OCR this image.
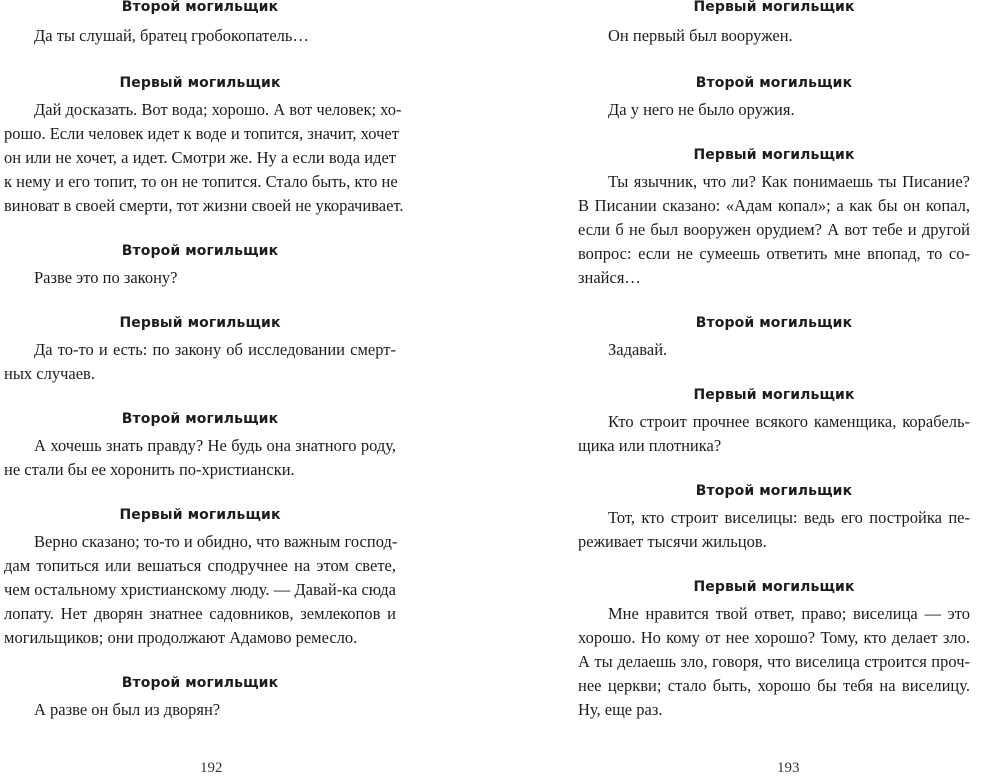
Второй могильщик

Да ты слушай, братец гробокопатель…

Первый могильщик

Дай досказать. Вот вода; хорошо. А вот человек; хо-
рошо. Если человек идет к воде и топится, значит, хочет
он или не хочет, а идет. Смотри же. Ну а если вода идет
к нему и его топит, то он не топится. Стало быть, кто не
виноват в своей смерти, тот жизни своей не укорачивает.

Второй могильщик

Разве это по закону?

Первый могильщик

Да то-то и есть: по закону об исследовании смерт-
ных случаев.

Второй могильщик

А хочешь знать правду? Не будь она знатного роду,
не стали бы ее хоронить по-христиански.

Первый могильщик

Верно сказано; то-то и обидно, что важным господ-
дам топиться или вешаться сподручнее на этом свете,
чем остальному христианскому люду. — Давай-ка сюда
лопату. Нет дворян знатнее садовников, землекопов и
могильщиков; они продолжают Адамово ремесло.

Второй могильщик

А разве он был из дворян?
192

Первый могильщик

Он первый был вооружен.

Второй могильщик

Да у него не было оружия.

Первый могильщик

Ты язычник, что ли? Как понимаешь ты Писание?
В Писании сказано: «Адам копал»; а как бы он копал,
если б не был вооружен орудием? А вот тебе и другой
вопрос: если не сумеешь ответить мне впопад, то со-
знайся…

Второй могильщик

Задавай.

Первый могильщик

Кто строит прочнее всякого каменщика, корабель-
щика или плотника?

Второй могильщик

Тот, кто строит виселицы: ведь его постройка пе-
реживает тысячи жильцов.

Первый могильщик

Мне нравится твой ответ, право; виселица — это
хорошо. Но кому от нее хорошо? Тому, кто делает зло.
А ты делаешь зло, говоря, что виселица строится проч-
нее церкви; стало быть, хорошо бы тебя на виселицу.
Ну, еще раз.
193
